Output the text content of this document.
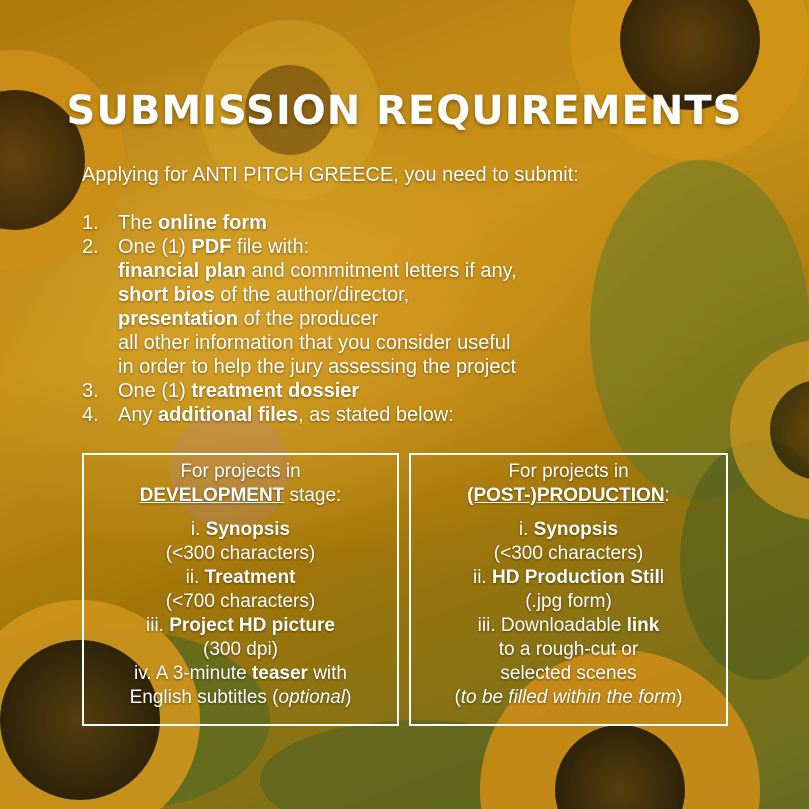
SUBMISSION REQUIREMENTS

Applying for ANTI PITCH GREECE, you need to submit:

1. The online form
2. One (1) PDF file with:
financial plan and commitment letters if any,
short bios of the author/director,
presentation of the producer
all other information that you consider useful
in order to help the jury assessing the project
3. One (1) treatment dossier
4. Any additional files, as stated below:
For projects in
DEVELOPMENT stage:
i. Synopsis
(<300 characters)
ii. Treatment
(<700 characters)
iii. Project HD picture
(300 dpi)
iv. A 3-minute teaser with
English subtitles (optional)
For projects in
(POST-)PRODUCTION:
i. Synopsis
(<300 characters)
ii. HD Production Still
(.jpg form)
iii. Downloadable link
to a rough-cut or
selected scenes
(to be filled within the form)
